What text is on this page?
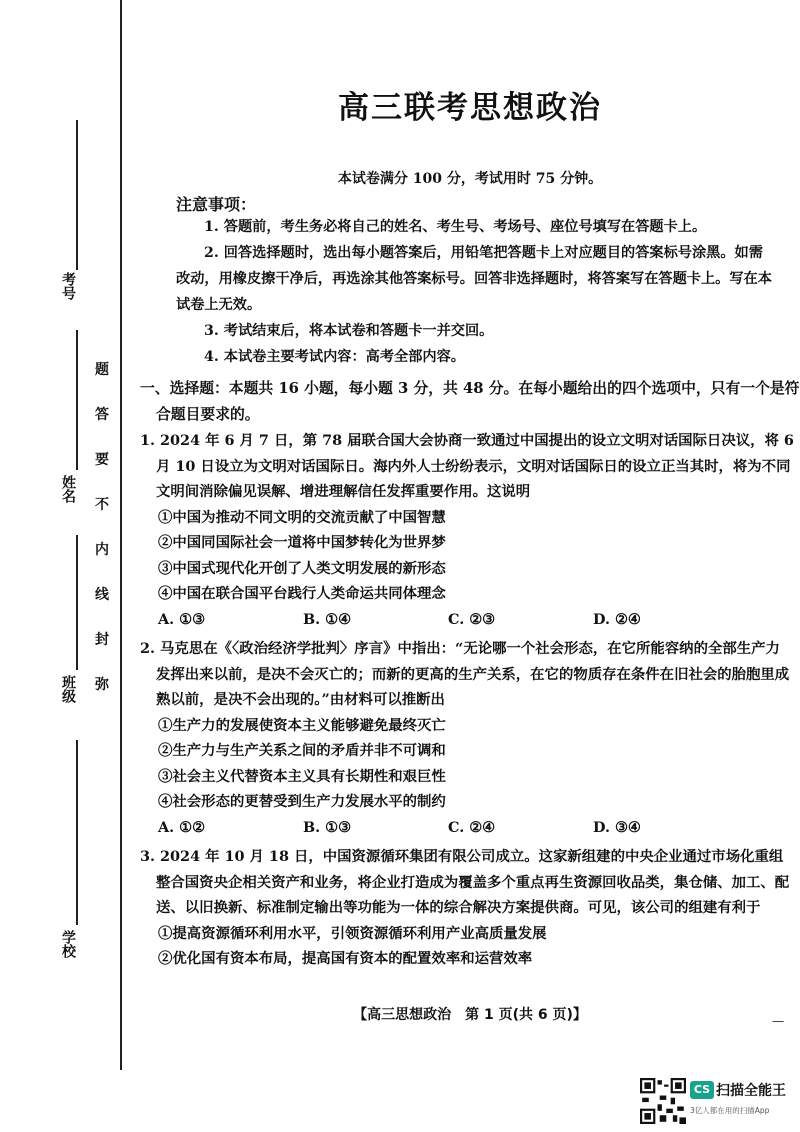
考号
姓名
班级
学校
题
答
要
不
内
线
封
弥
高三联考思想政治
本试卷满分 100 分，考试用时 75 分钟。
注意事项：
1. 答题前，考生务必将自己的姓名、考生号、考场号、座位号填写在答题卡上。
2. 回答选择题时，选出每小题答案后，用铅笔把答题卡上对应题目的答案标号涂黑。如需改动，用橡皮擦干净后，再选涂其他答案标号。回答非选择题时，将答案写在答题卡上。写在本试卷上无效。
3. 考试结束后，将本试卷和答题卡一并交回。
4. 本试卷主要考试内容：高考全部内容。
一、选择题：本题共 16 小题，每小题 3 分，共 48 分。在每小题给出的四个选项中，只有一个是符合题目要求的。
1. 2024 年 6 月 7 日，第 78 届联合国大会协商一致通过中国提出的设立文明对话国际日决议，将 6 月 10 日设立为文明对话国际日。海内外人士纷纷表示，文明对话国际日的设立正当其时，将为不同文明间消除偏见误解、增进理解信任发挥重要作用。这说明
①中国为推动不同文明的交流贡献了中国智慧
②中国同国际社会一道将中国梦转化为世界梦
③中国式现代化开创了人类文明发展的新形态
④中国在联合国平台践行人类命运共同体理念
A. ①③	B. ①④	C. ②③	D. ②④
2. 马克思在《〈政治经济学批判〉序言》中指出：“无论哪一个社会形态，在它所能容纳的全部生产力发挥出来以前，是决不会灭亡的；而新的更高的生产关系，在它的物质存在条件在旧社会的胎胞里成熟以前，是决不会出现的。”由材料可以推断出
①生产力的发展使资本主义能够避免最终灭亡
②生产力与生产关系之间的矛盾并非不可调和
③社会主义代替资本主义具有长期性和艰巨性
④社会形态的更替受到生产力发展水平的制约
A. ①②	B. ①③	C. ②④	D. ③④
3. 2024 年 10 月 18 日，中国资源循环集团有限公司成立。这家新组建的中央企业通过市场化重组整合国资央企相关资产和业务，将企业打造成为覆盖多个重点再生资源回收品类，集仓储、加工、配送、以旧换新、标准制定输出等功能为一体的综合解决方案提供商。可见，该公司的组建有利于
①提高资源循环利用水平，引领资源循环利用产业高质量发展
②优化国有资本布局，提高国有资本的配置效率和运营效率
【高三思想政治　第 1 页(共 6 页)】	—
CS 扫描全能王
3亿人都在用的扫描App
